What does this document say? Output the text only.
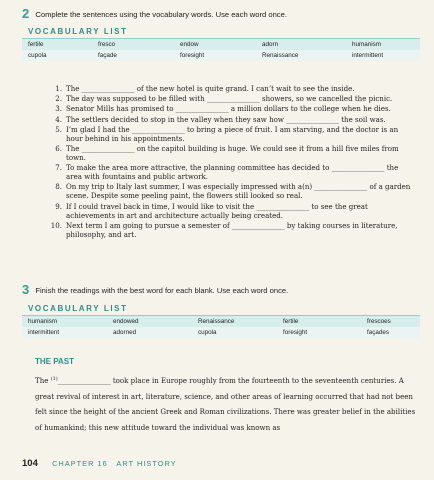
2 Complete the sentences using the vocabulary words. Use each word once.
VOCABULARY LIST
fertile	fresco	endow	adorn	humanism
cupola	façade	foresight	Renaissance	intermittent
1. The _______________ of the new hotel is quite grand. I can’t wait to see the inside.
2. The day was supposed to be filled with _______________ showers, so we cancelled the picnic.
3. Senator Mills has promised to _______________ a million dollars to the college when he dies.
4. The settlers decided to stop in the valley when they saw how _______________ the soil was.
5. I’m glad I had the _______________ to bring a piece of fruit. I am starving, and the doctor is an hour behind in his appointments.
6. The _______________ on the capitol building is huge. We could see it from a hill five miles from town.
7. To make the area more attractive, the planning committee has decided to _______________ the area with fountains and public artwork.
8. On my trip to Italy last summer, I was especially impressed with a(n) _______________ of a garden scene. Despite some peeling paint, the flowers still looked so real.
9. If I could travel back in time, I would like to visit the _______________ to see the great achievements in art and architecture actually being created.
10. Next term I am going to pursue a semester of _______________ by taking courses in literature, philosophy, and art.
3 Finish the readings with the best word for each blank. Use each word once.
VOCABULARY LIST
humanism	endowed	Renaissance	fertile	frescoes
intermittent	adorned	cupola	foresight	façades
THE PAST

The $^{(1)}$_______________ took place in Europe roughly from the fourteenth to the seventeenth centuries. A great revival of interest in art, literature, science, and other areas of learning occurred that had not been felt since the height of the ancient Greek and Roman civilizations. There was greater belief in the abilities of humankind; this new attitude toward the individual was known as

104 CHAPTER 16   ART HISTORY
